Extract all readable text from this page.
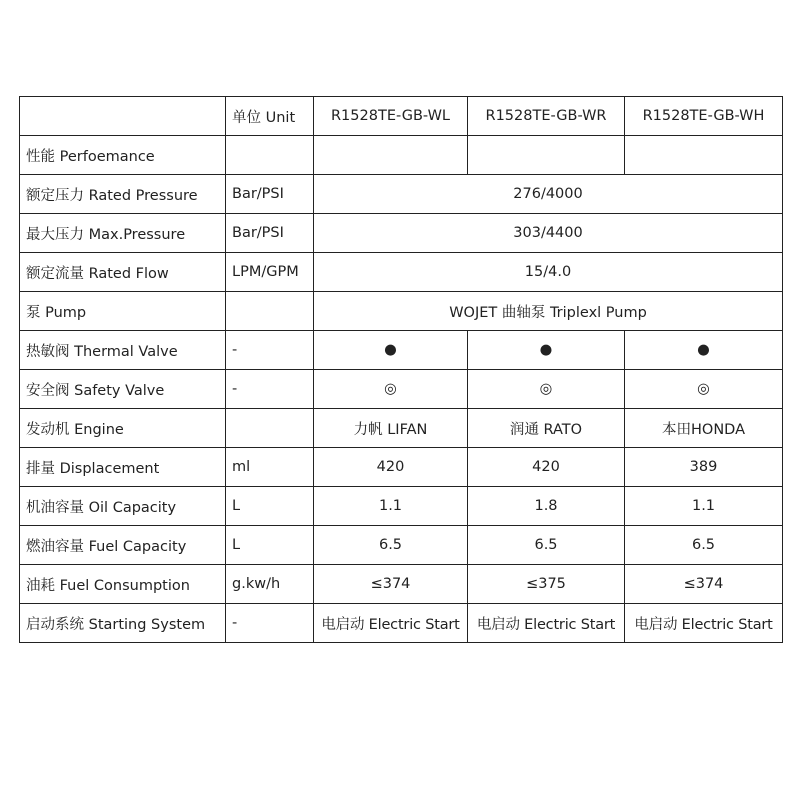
	单位 Unit	R1528TE-GB-WL	R1528TE-GB-WR	R1528TE-GB-WH
性能 Perfoemance				
额定压力 Rated Pressure	Bar/PSI	276/4000		
最大压力 Max.Pressure	Bar/PSI	303/4400		
额定流量 Rated Flow	LPM/GPM	15/4.0		
泵 Pump		WOJET 曲轴泵 Triplexl Pump		
热敏阀 Thermal Valve	-	●	●	●
安全阀 Safety Valve	-	◎	◎	◎
发动机 Engine		力帆 LIFAN	润通 RATO	本田HONDA
排量 Displacement	ml	420	420	389
机油容量 Oil Capacity	L	1.1	1.8	1.1
燃油容量 Fuel Capacity	L	6.5	6.5	6.5
油耗 Fuel Consumption	g.kw/h	≤374	≤375	≤374
启动系统 Starting System	-	电启动 Electric Start	电启动 Electric Start	电启动 Electric Start
